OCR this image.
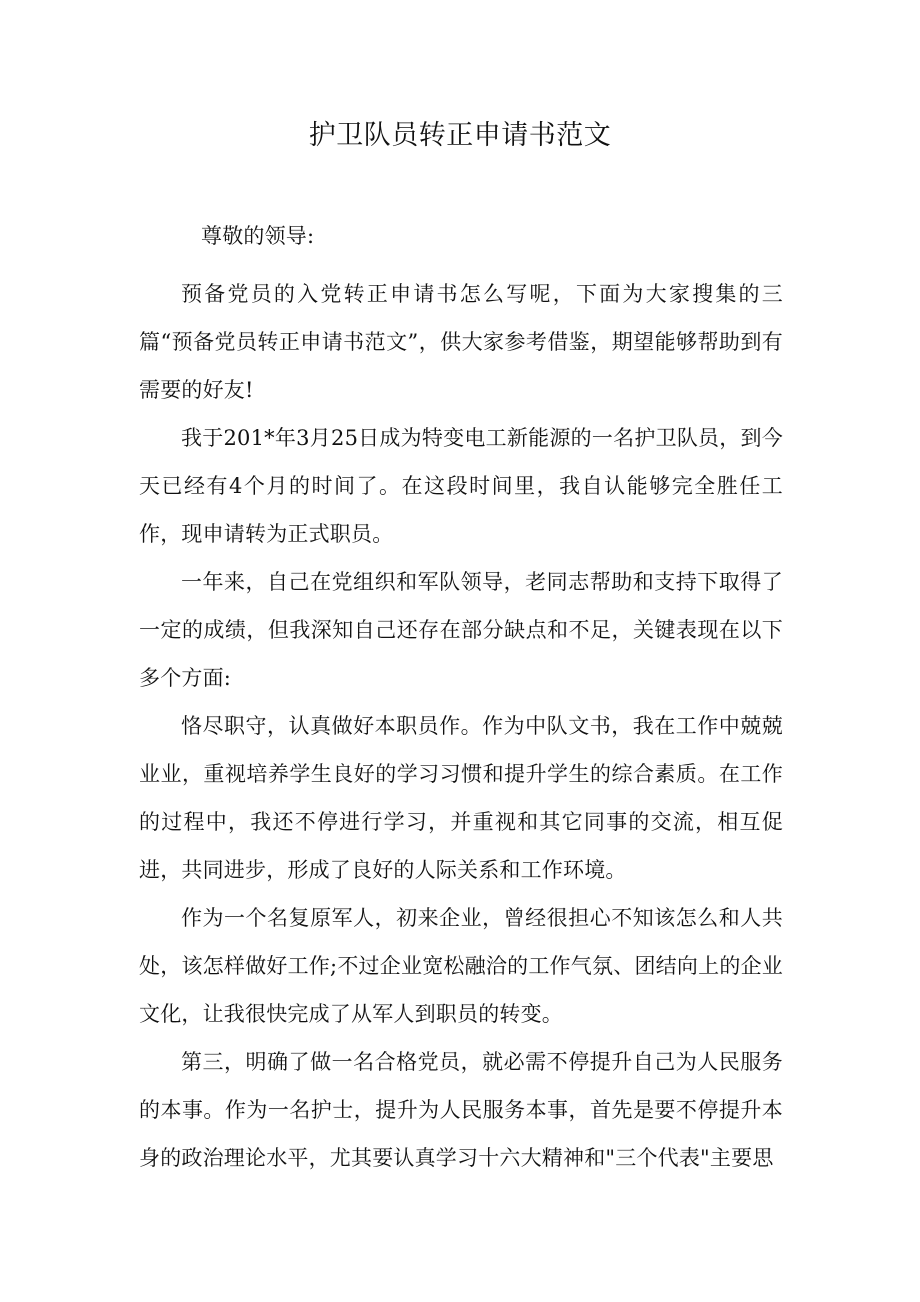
护卫队员转正申请书范文

尊敬的领导:

预备党员的入党转正申请书怎么写呢，下面为大家搜集的三篇“预备党员转正申请书范文”，供大家参考借鉴，期望能够帮助到有需要的好友!

我于201*年3月25日成为特变电工新能源的一名护卫队员，到今天已经有4个月的时间了。在这段时间里，我自认能够完全胜任工作，现申请转为正式职员。

一年来，自己在党组织和军队领导，老同志帮助和支持下取得了一定的成绩，但我深知自己还存在部分缺点和不足，关键表现在以下多个方面:

恪尽职守，认真做好本职员作。作为中队文书，我在工作中兢兢业业，重视培养学生良好的学习习惯和提升学生的综合素质。在工作的过程中，我还不停进行学习，并重视和其它同事的交流，相互促进，共同进步，形成了良好的人际关系和工作环境。

作为一个名复原军人，初来企业，曾经很担心不知该怎么和人共处，该怎样做好工作;不过企业宽松融洽的工作气氛、团结向上的企业文化，让我很快完成了从军人到职员的转变。

第三，明确了做一名合格党员，就必需不停提升自己为人民服务的本事。作为一名护士，提升为人民服务本事，首先是要不停提升本身的政治理论水平，尤其要认真学习十六大精神和"三个代表"主要思
